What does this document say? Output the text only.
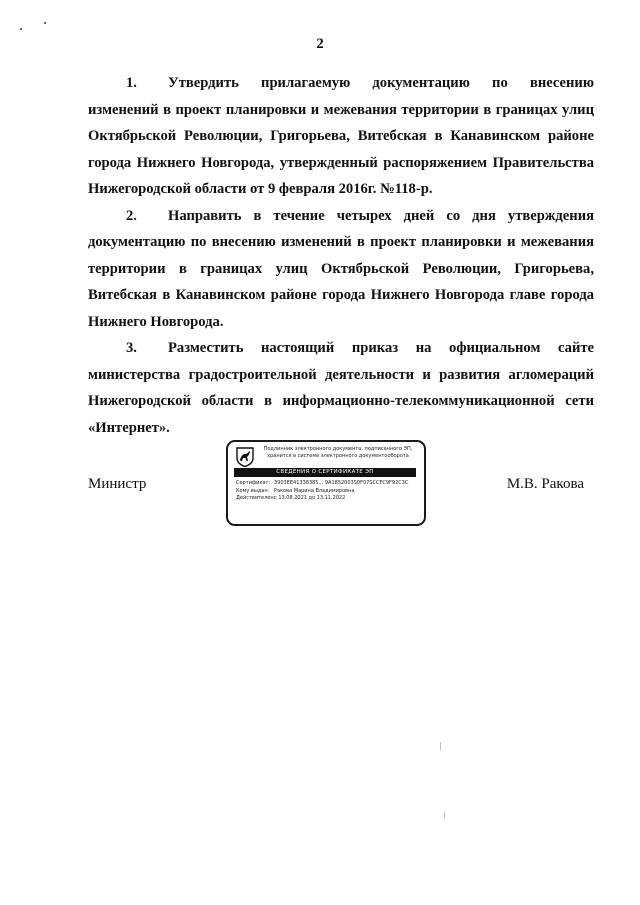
2

1. Утвердить прилагаемую документацию по внесению изменений в проект планировки и межевания территории в границах улиц Октябрьской Революции, Григорьева, Витебская в Канавинском районе города Нижнего Новгорода, утвержденный распоряжением Правительства Нижегородской области от 9 февраля 2016г. №118-р.

2. Направить в течение четырех дней со дня утверждения документацию по внесению изменений в проект планировки и межевания территории в границах улиц Октябрьской Революции, Григорьева, Витебская в Канавинском районе города Нижнего Новгорода главе города Нижнего Новгорода.

3. Разместить настоящий приказ на официальном сайте министерства градостроительной деятельности и развития агломераций Нижегородской области в информационно-телекоммуникационной сети «Интернет».

Министр
Подлинник электронного документа, подписанного ЭП,
хранится в системе электронного документооборота
СВЕДЕНИЯ О СЕРТИФИКАТЕ ЭП
Сертификат: 3903EE41338385... 9A1852003S0F07SCCFC9F92C3C
Кому выдан: Ракова Марина Владимировна
Действителен:с 13.08.2021 до 13.11.2022
М.В. Ракова
